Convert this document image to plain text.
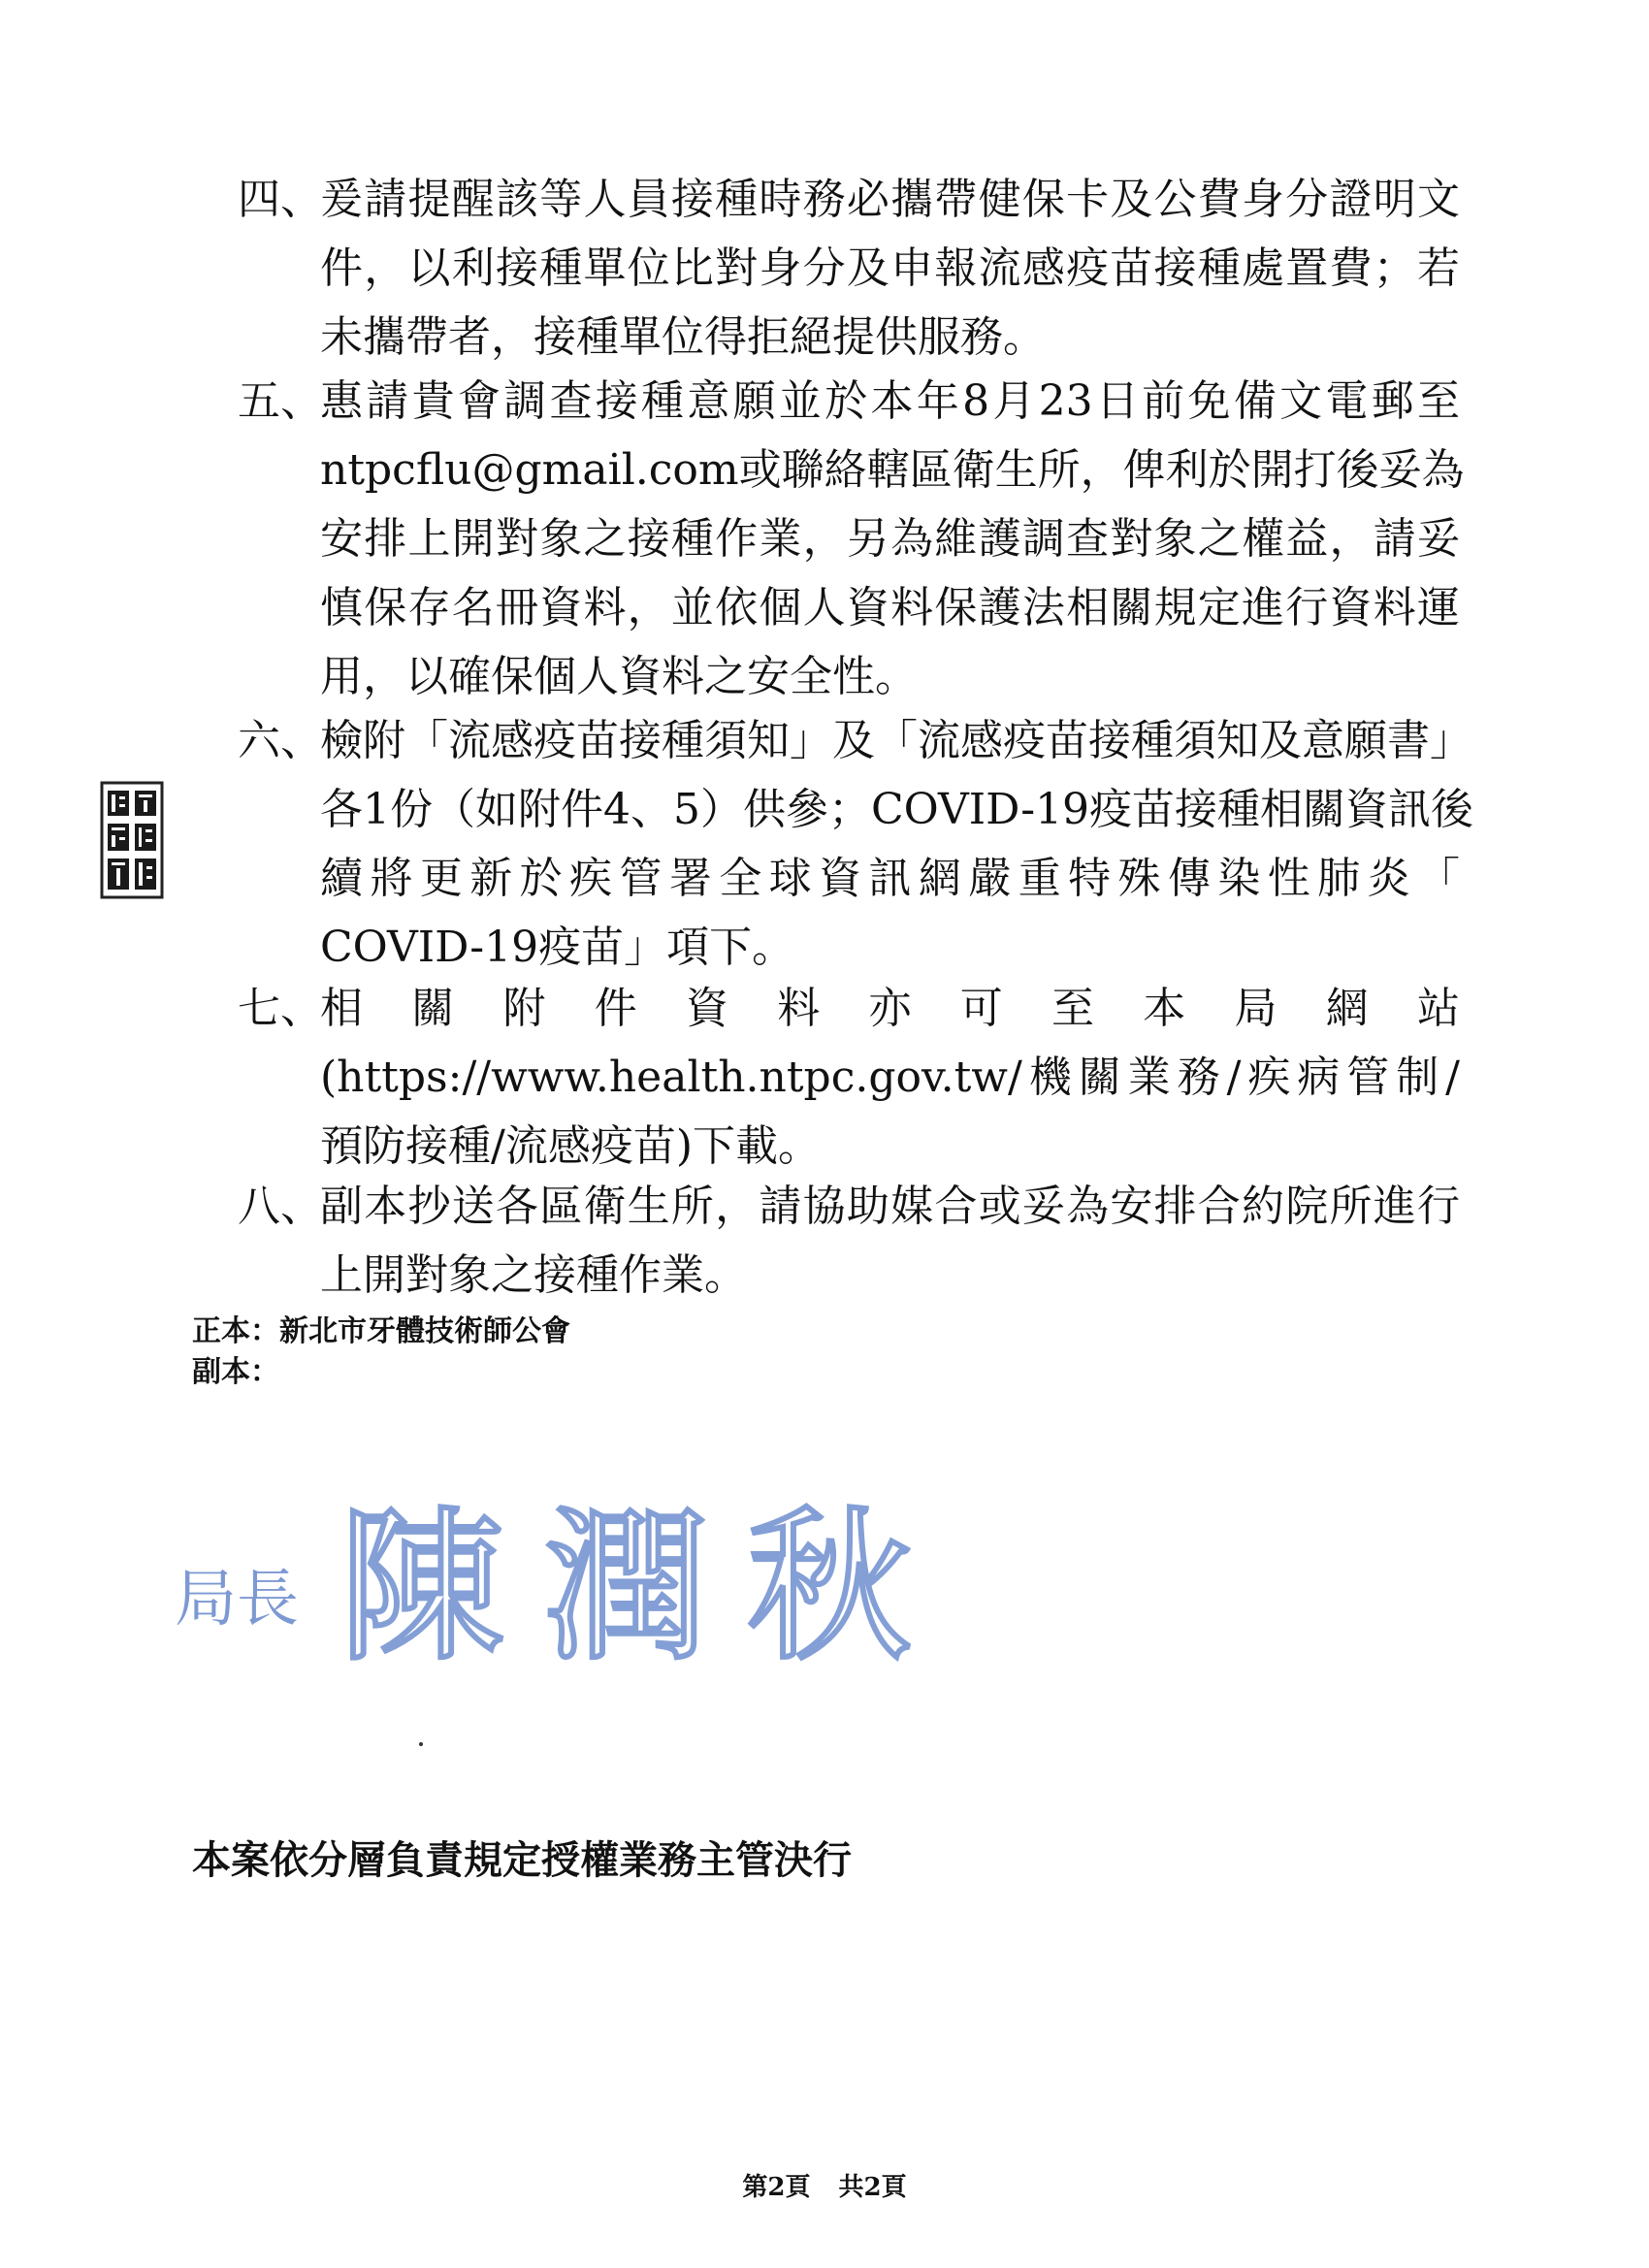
四、
爰請提醒該等人員接種時務必攜帶健保卡及公費身分證明文
件，以利接種單位比對身分及申報流感疫苗接種處置費；若
未攜帶者，接種單位得拒絕提供服務。
五、
惠請貴會調查接種意願並於本年8月23日前免備文電郵至
ntpcflu@gmail.com或聯絡轄區衛生所，俾利於開打後妥為
安排上開對象之接種作業，另為維護調查對象之權益，請妥
慎保存名冊資料，並依個人資料保護法相關規定進行資料運
用，以確保個人資料之安全性。
六、
檢附「流感疫苗接種須知」及「流感疫苗接種須知及意願書」
各1份（如附件4、5）供參；COVID-19疫苗接種相關資訊後
續將更新於疾管署全球資訊網嚴重特殊傳染性肺炎「
COVID-19疫苗」項下。
七、
相　關　附　件　資　料　亦　可　至　本　局　網　站
(https://www.health.ntpc.gov.tw/機關業務/疾病管制/
預防接種/流感疫苗)下載。
八、
副本抄送各區衛生所，請協助媒合或妥為安排合約院所進行
上開對象之接種作業。
正本：新北市牙體技術師公會
副本：
局長 陳潤秋
本案依分層負責規定授權業務主管決行
第2頁 共2頁
